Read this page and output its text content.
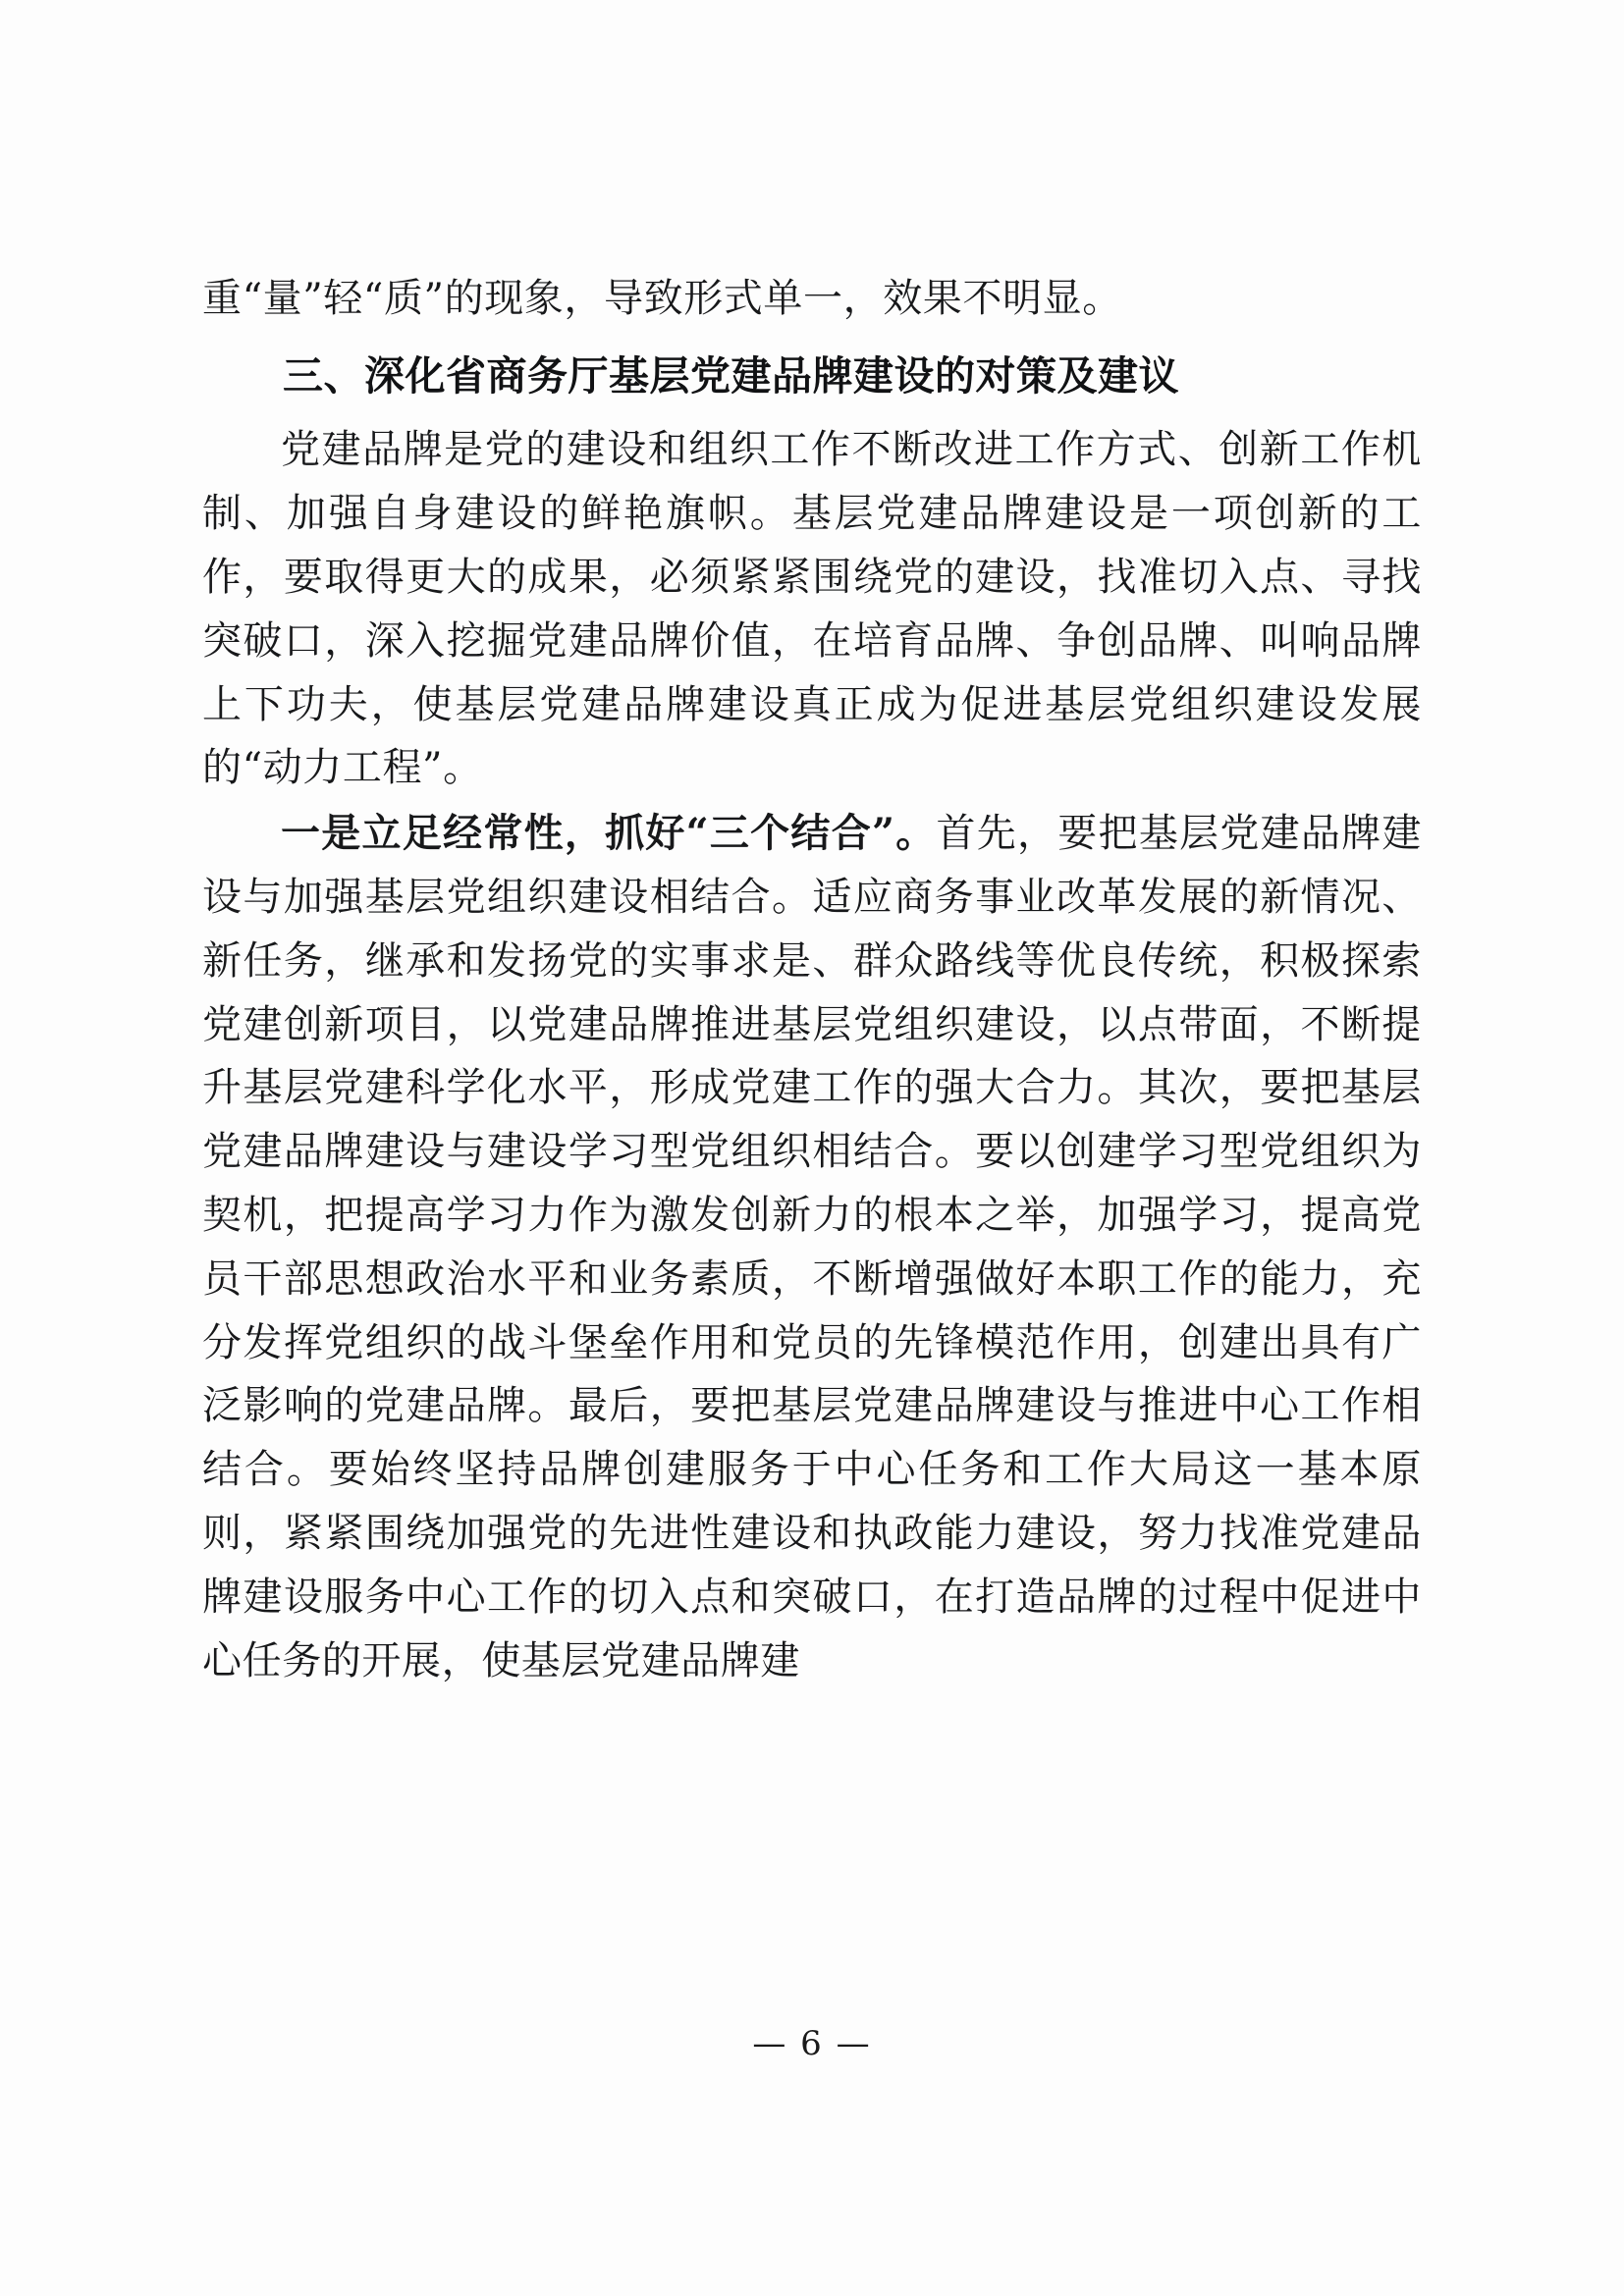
重“量”轻“质”的现象，导致形式单一，效果不明显。

三、深化省商务厅基层党建品牌建设的对策及建议

党建品牌是党的建设和组织工作不断改进工作方式、创新工作机制、加强自身建设的鲜艳旗帜。基层党建品牌建设是一项创新的工作，要取得更大的成果，必须紧紧围绕党的建设，找准切入点、寻找突破口，深入挖掘党建品牌价值，在培育品牌、争创品牌、叫响品牌上下功夫，使基层党建品牌建设真正成为促进基层党组织建设发展的“动力工程”。

一是立足经常性，抓好“三个结合”。首先，要把基层党建品牌建设与加强基层党组织建设相结合。适应商务事业改革发展的新情况、新任务，继承和发扬党的实事求是、群众路线等优良传统，积极探索党建创新项目，以党建品牌推进基层党组织建设，以点带面，不断提升基层党建科学化水平，形成党建工作的强大合力。其次，要把基层党建品牌建设与建设学习型党组织相结合。要以创建学习型党组织为契机，把提高学习力作为激发创新力的根本之举，加强学习，提高党员干部思想政治水平和业务素质，不断增强做好本职工作的能力，充分发挥党组织的战斗堡垒作用和党员的先锋模范作用，创建出具有广泛影响的党建品牌。最后，要把基层党建品牌建设与推进中心工作相结合。要始终坚持品牌创建服务于中心任务和工作大局这一基本原则，紧紧围绕加强党的先进性建设和执政能力建设，努力找准党建品牌建设服务中心工作的切入点和突破口，在打造品牌的过程中促进中心任务的开展，使基层党建品牌建

— 6 —
